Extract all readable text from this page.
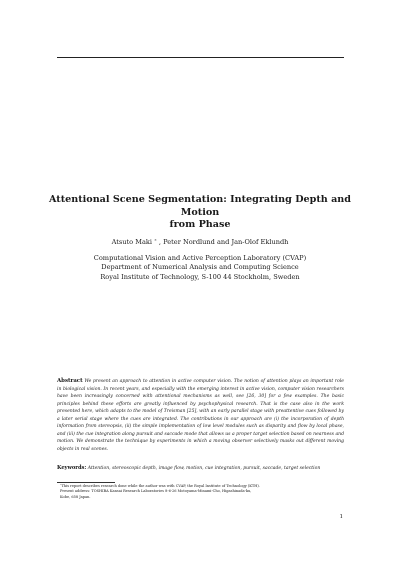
Attentional Scene Segmentation: Integrating Depth and Motion
from Phase
Atsuto Maki ∗ , Peter Nordlund and Jan-Olof Eklundh
Computational Vision and Active Perception Laboratory (CVAP)
Department of Numerical Analysis and Computing Science
Royal Institute of Technology, S-100 44 Stockholm, Sweden
Abstract We present an approach to attention in active computer vision. The notion of attention plays an important role in biological vision. In recent years, and especially with the emerging interest in active vision, computer vision researchers have been increasingly concerned with attentional mechanisms as well, see [26, 30] for a few examples. The basic principles behind these efforts are greatly influenced by psychophysical research. That is the case also in the work presented here, which adapts to the model of Treisman [25], with an early parallel stage with preattentive cues followed by a later serial stage where the cues are integrated. The contributions in our approach are (i) the incorporation of depth information from stereopsis, (ii) the simple implementation of low level modules such as disparity and flow by local phase, and (iii) the cue integration along pursuit and saccade mode that allows us a proper target selection based on nearness and motion. We demonstrate the technique by experiments in which a moving observer selectively masks out different moving objects in real scenes.
Keywords: Attention, stereoscopic depth, image flow, motion, cue integration, pursuit, saccade, target selection
∗This report describes research done while the author was with CVAP, the Royal Institute of Technology (KTH).
Present address: TOSHIBA Kansai Research Laboratories 8-6-26 Motoyama-Minami-Cho, Higashinada-ku,
Kobe, 658 Japan.
1
